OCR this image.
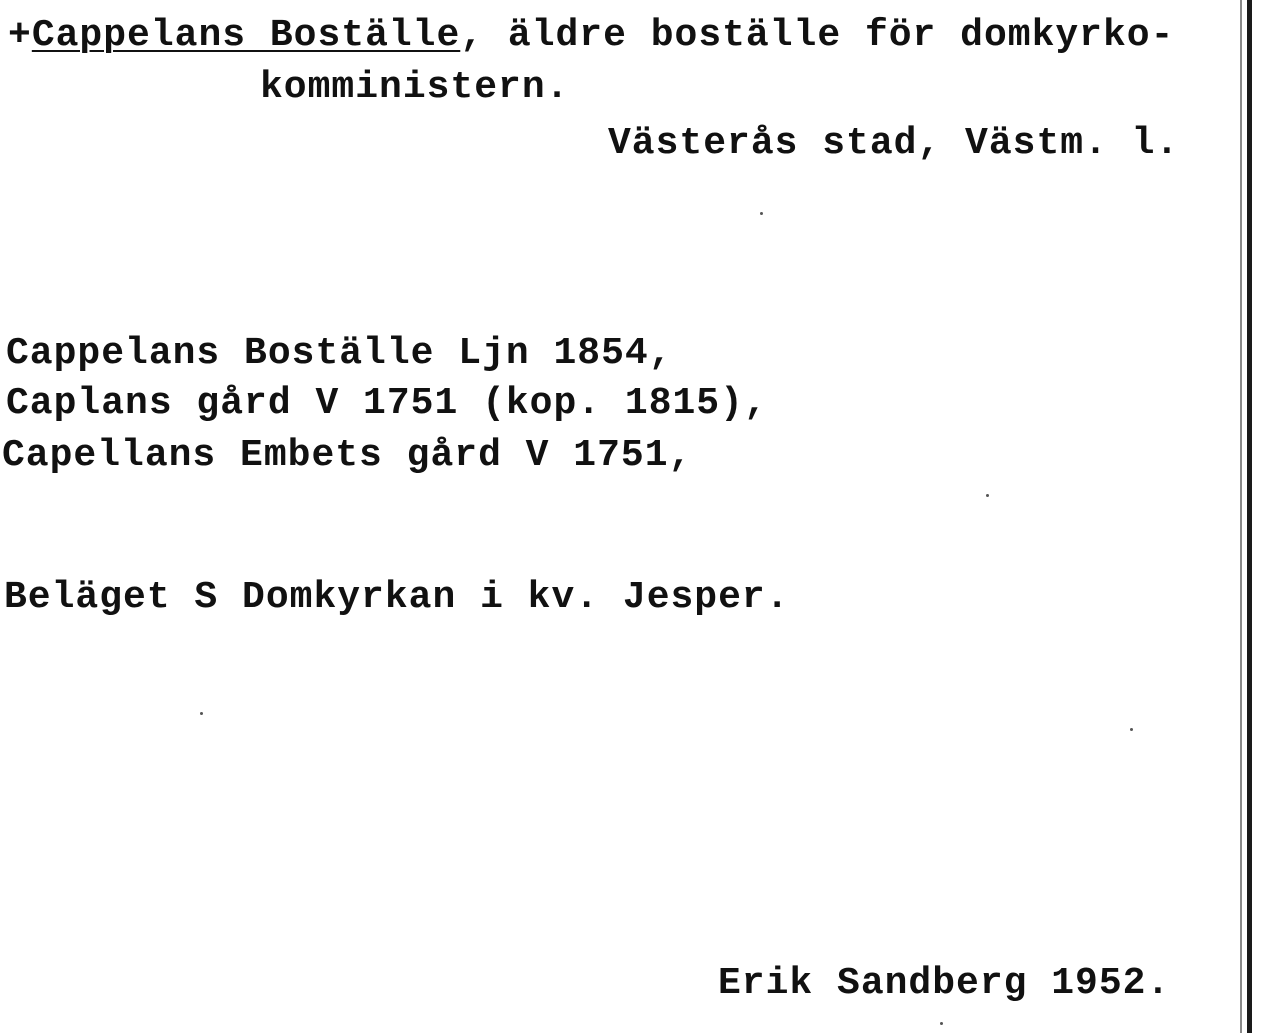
+Cappelans Boställe, äldre boställe för domkyrko-
komministern.
Västerås stad, Västm. l.
Cappelans Boställe Ljn 1854,
Caplans gård V 1751 (kop. 1815),
Capellans Embets gård V 1751,
Beläget S Domkyrkan i kv. Jesper.
Erik Sandberg 1952.
